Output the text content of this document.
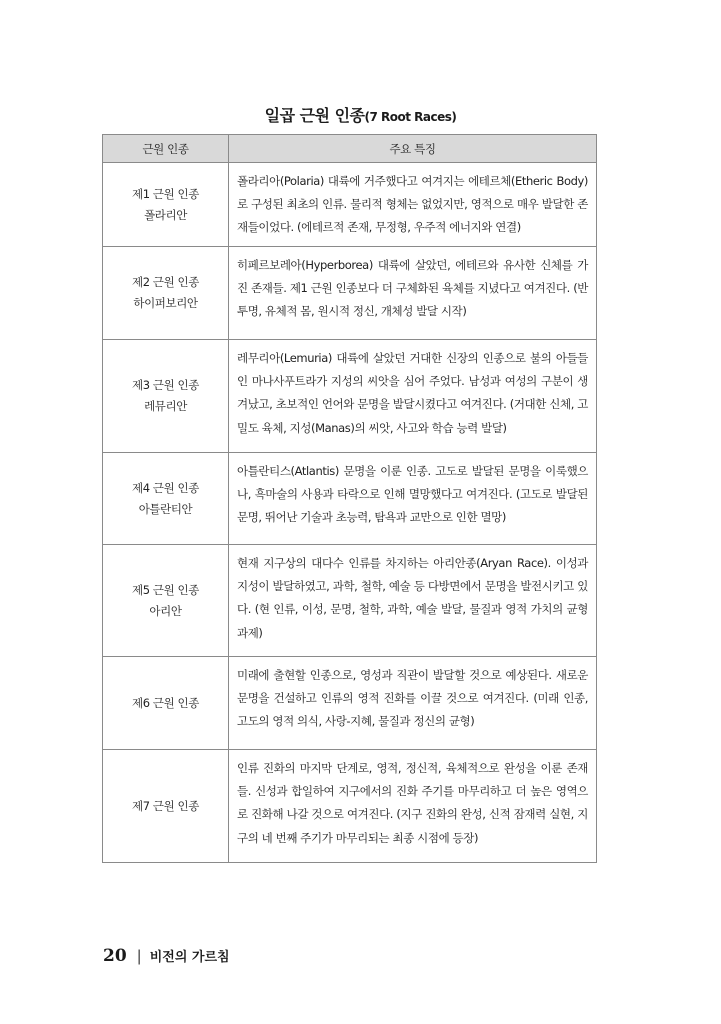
일곱 근원 인종(7 Root Races)
근원 인종	주요 특징

제1 근원 인종
폴라리안	폴라리아(Polaria) 대륙에 거주했다고 여겨지는 에테르체(Etheric Body)로 구성된 최초의 인류. 물리적 형체는 없었지만, 영적으로 매우 발달한 존재들이었다. (에테르적 존재, 무정형, 우주적 에너지와 연결)

제2 근원 인종
하이퍼보리안	히페르보레아(Hyperborea) 대륙에 살았던, 에테르와 유사한 신체를 가진 존재들. 제1 근원 인종보다 더 구체화된 육체를 지녔다고 여겨진다. (반투명, 유체적 몸, 원시적 정신, 개체성 발달 시작)

제3 근원 인종
레뮤리안	레무리아(Lemuria) 대륙에 살았던 거대한 신장의 인종으로 불의 아들들인 마나사푸트라가 지성의 씨앗을 심어 주었다. 남성과 여성의 구분이 생겨났고, 초보적인 언어와 문명을 발달시켰다고 여겨진다. (거대한 신체, 고밀도 육체, 지성(Manas)의 씨앗, 사고와 학습 능력 발달)

제4 근원 인종
아틀란티안	아틀란티스(Atlantis) 문명을 이룬 인종. 고도로 발달된 문명을 이룩했으나, 흑마술의 사용과 타락으로 인해 멸망했다고 여겨진다. (고도로 발달된 문명, 뛰어난 기술과 초능력, 탐욕과 교만으로 인한 멸망)

제5 근원 인종
아리안	현재 지구상의 대다수 인류를 차지하는 아리안종(Aryan Race). 이성과 지성이 발달하였고, 과학, 철학, 예술 등 다방면에서 문명을 발전시키고 있다. (현 인류, 이성, 문명, 철학, 과학, 예술 발달, 물질과 영적 가치의 균형 과제)

제6 근원 인종	미래에 출현할 인종으로, 영성과 직관이 발달할 것으로 예상된다. 새로운 문명을 건설하고 인류의 영적 진화를 이끌 것으로 여겨진다. (미래 인종, 고도의 영적 의식, 사랑-지혜, 물질과 정신의 균형)

제7 근원 인종	인류 진화의 마지막 단계로, 영적, 정신적, 육체적으로 완성을 이룬 존재들. 신성과 합일하여 지구에서의 진화 주기를 마무리하고 더 높은 영역으로 진화해 나갈 것으로 여겨진다. (지구 진화의 완성, 신적 잠재력 실현, 지구의 네 번째 주기가 마무리되는 최종 시점에 등장)
20 | 비전의 가르침
